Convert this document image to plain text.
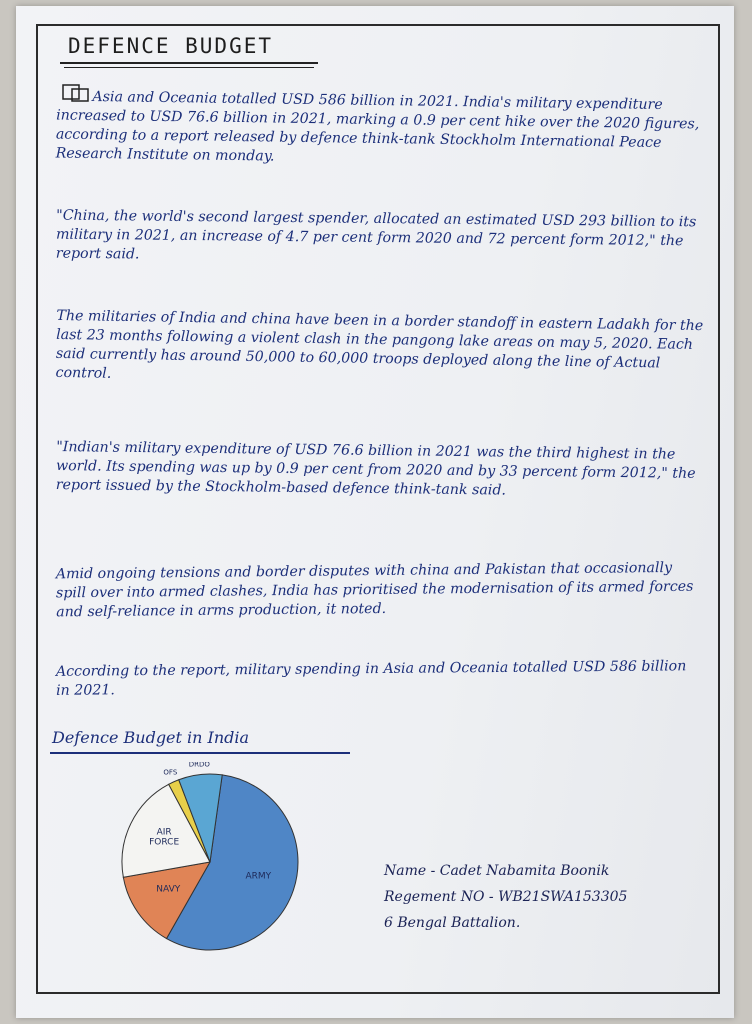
DEFENCE BUDGET

Asia and Oceania totalled USD 586 billion in 2021. India's military expenditure increased to USD 76.6 billion in 2021, marking a 0.9 per cent hike over the 2020 figures, according to a report released by defence think-tank Stockholm International Peace Research Institute on monday.

"China, the world's second largest spender, allocated an estimated USD 293 billion to its military in 2021, an increase of 4.7 per cent form 2020 and 72 percent form 2012," the report said.

The militaries of India and china have been in a border standoff in eastern Ladakh for the last 23 months following a violent clash in the pangong lake areas on may 5, 2020. Each said currently has around 50,000 to 60,000 troops deployed along the line of Actual control.

"Indian's military expenditure of USD 76.6 billion in 2021 was the third highest in the world. Its spending was up by 0.9 per cent from 2020 and by 33 percent form 2012," the report issued by the Stockholm-based defence think-tank said.

Amid ongoing tensions and border disputes with china and Pakistan that occasionally spill over into armed clashes, India has prioritised the modernisation of its armed forces and self-reliance in arms production, it noted.

According to the report, military spending in Asia and Oceania totalled USD 586 billion in 2021.

Defence Budget in India
ARMY
NAVY
AIR FORCE
OFS
DRDO
Name - Cadet Nabamita Boonik
Regement NO - WB21SWA153305
6 Bengal Battalion.
